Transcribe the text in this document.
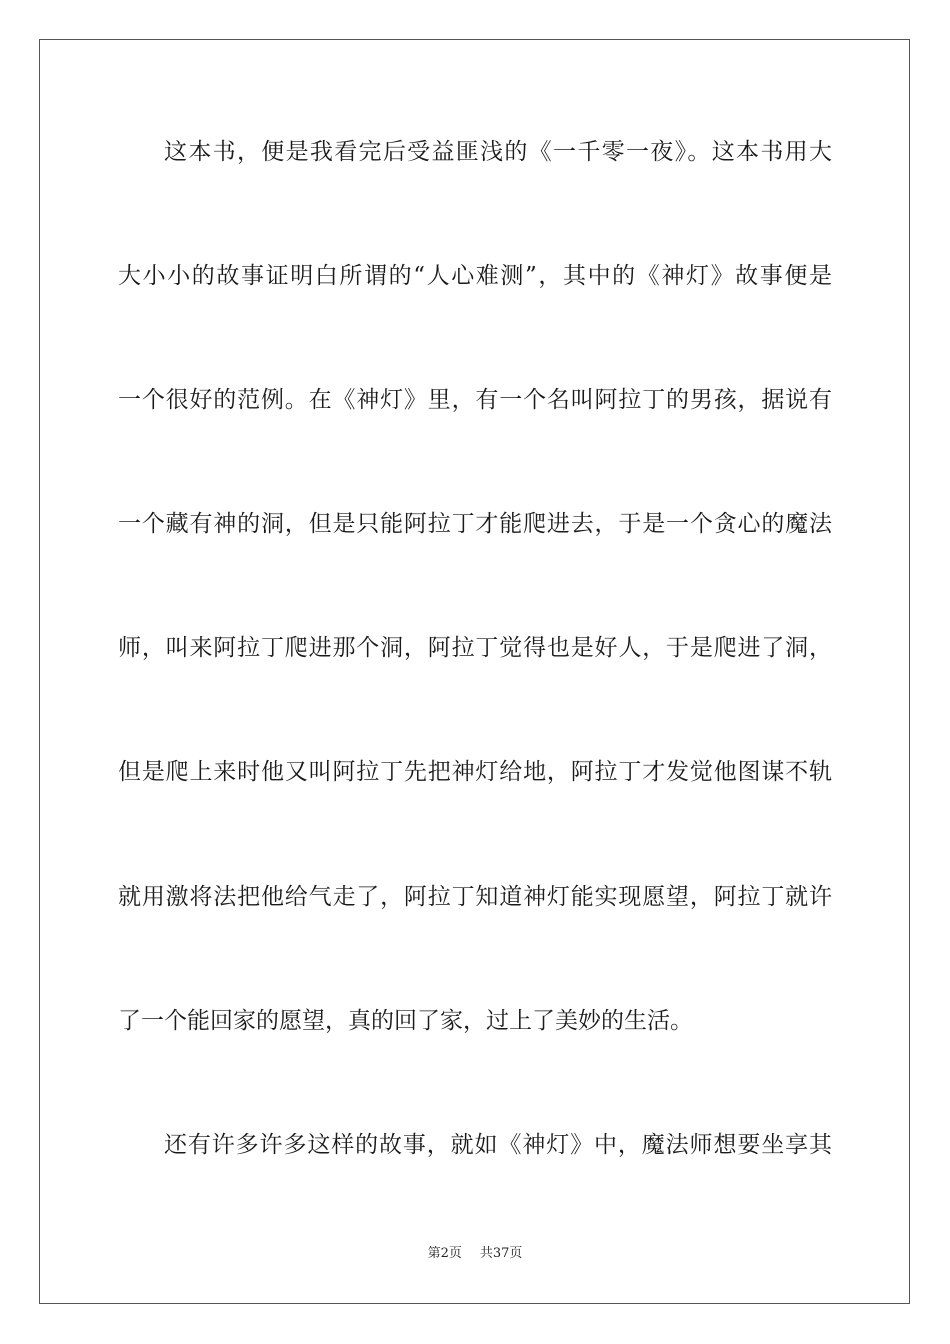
这本书，便是我看完后受益匪浅的《一千零一夜》。这本书用大
大小小的故事证明白所谓的“人心难测”，其中的《神灯》故事便是
一个很好的范例。在《神灯》里，有一个名叫阿拉丁的男孩，据说有
一个藏有神的洞，但是只能阿拉丁才能爬进去，于是一个贪心的魔法
师，叫来阿拉丁爬进那个洞，阿拉丁觉得也是好人，于是爬进了洞，
但是爬上来时他又叫阿拉丁先把神灯给地，阿拉丁才发觉他图谋不轨
就用激将法把他给气走了，阿拉丁知道神灯能实现愿望，阿拉丁就许
了一个能回家的愿望，真的回了家，过上了美妙的生活。
还有许多许多这样的故事，就如《神灯》中，魔法师想要坐享其
第2页 共37页
